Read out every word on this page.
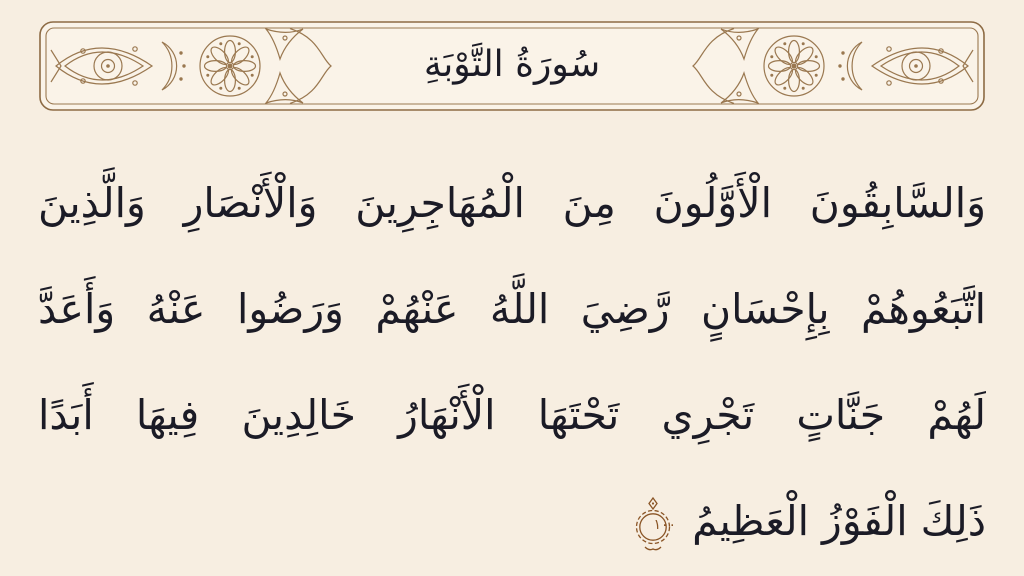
سُورَةُ التَّوْبَةِ
وَالسَّابِقُونَ الْأَوَّلُونَ مِنَ الْمُهَاجِرِينَ وَالْأَنْصَارِ وَالَّذِينَ
اتَّبَعُوهُمْ بِإِحْسَانٍ رَّضِيَ اللَّهُ عَنْهُمْ وَرَضُوا عَنْهُ وَأَعَدَّ
لَهُمْ جَنَّاتٍ تَجْرِي تَحْتَهَا الْأَنْهَارُ خَالِدِينَ فِيهَا أَبَدًا
ذَلِكَ الْفَوْزُ الْعَظِيمُ
١٠٠
